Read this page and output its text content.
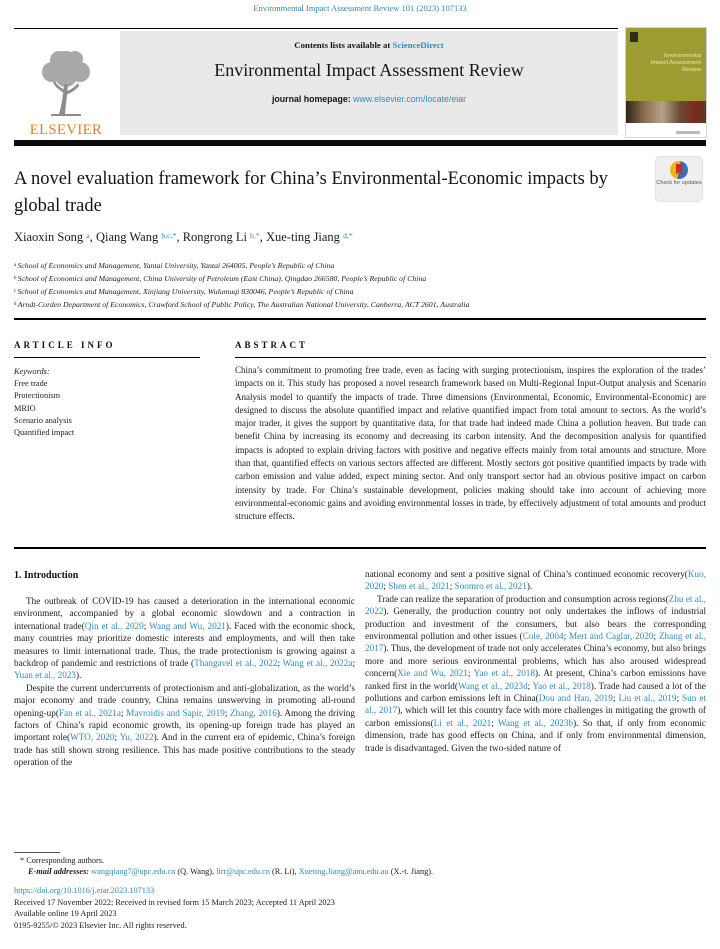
Environmental Impact Assessment Review 101 (2023) 107133
ELSEVIER
Contents lists available at ScienceDirect
Environmental Impact Assessment Review
journal homepage: www.elsevier.com/locate/eiar
Environmental Impact Assessment Review
A novel evaluation framework for China’s Environmental-Economic impacts by global trade
Check for updates
Xiaoxin Song $^a$, Qiang Wang $^{b,c,*}$, Rongrong Li $^{b,*}$, Xue-ting Jiang $^{d,*}$
$^a$ School of Economics and Management, Yantai University, Yantai 264005, People’s Republic of China
$^b$ School of Economics and Management, China University of Petroleum (East China), Qingdao 266580, People’s Republic of China
$^c$ School of Economics and Management, Xinjiang University, Wulumuqi 830046, People’s Republic of China
$^d$ Arndt-Corden Department of Economics, Crawford School of Public Policy, The Australian National University, Canberra, ACT 2601, Australia
ARTICLE INFO	ABSTRACT
Keywords:
Free trade
Protectionism
MRIO
Scenario analysis
Quantified impact
China’s commitment to promoting free trade, even as facing with surging protectionism, inspires the exploration of the trades’ impacts on it. This study has proposed a novel research framework based on Multi-Regional Input-Output analysis and Scenario Analysis model to quantify the impacts of trade. Three dimensions (Environmental, Economic, Environmental-Economic) are designed to discuss the absolute quantified impact and relative quantified impact from total amount to sectors. As the world’s major trader, it gives the support by quantitative data, for that trade had indeed made China a pollution heaven. But trade can benefit China by increasing its economy and decreasing its carbon intensity. And the decomposition analysis for quantified impacts is adopted to explain driving factors with positive and negative effects mainly from total amounts and structure. More than that, quantified effects on various sectors affected are different. Mostly sectors got positive quantified impacts by trade with carbon emission and value added, expect mining sector. And only transport sector had an obvious positive impact on carbon intensity by trade. For China’s sustainable development, policies making should take into account of achieving more environmental-economic gains and avoiding environmental losses in trade, by effectively adjustment of total amounts and product structure effects.
1. Introduction

The outbreak of COVID-19 has caused a deterioration in the international economic environment, accompanied by a global economic slowdown and a contraction in international trade(Qin et al., 2020; Wang and Wu, 2021). Faced with the economic shock, many countries may prioritize domestic interests and employments, and will then take measures to limit international trade. Thus, the trade protectionism is growing against a backdrop of pandemic and restrictions of trade (Thangavel et al., 2022; Wang et al., 2022a; Yuan et al., 2023).

Despite the current undercurrents of protectionism and anti-globalization, as the world’s major economy and trade country, China remains unswerving in promoting all-round opening-up(Fan et al., 2021a; Mavroidis and Sapir, 2019; Zhang, 2016). Among the driving factors of China’s rapid economic growth, its opening-up foreign trade has played an important role(WTO, 2020; Yu, 2022). And in the current era of epidemic, China’s foreign trade has still shown strong resilience. This has made positive contributions to the steady operation of the

national economy and sent a positive signal of China’s continued economic recovery(Kuo, 2020; Shen et al., 2021; Soomro et al., 2021).

Trade can realize the separation of production and consumption across regions(Zhu et al., 2022). Generally, the production country not only undertakes the inflows of industrial production and investment of the consumers, but also bears the corresponding environmental pollution and other issues (Cole, 2004; Mert and Caglar, 2020; Zhang et al., 2017). Thus, the development of trade not only accelerates China’s economy, but also brings more and more serious environmental problems, which has also aroused widespread concern(Xie and Wu, 2021; Yao et al., 2018). At present, China’s carbon emissions have ranked first in the world(Wang et al., 2023d; Yao et al., 2018). Trade had caused a lot of the pollutions and carbon emissions left in China(Dou and Han, 2019; Liu et al., 2019; Sun et al., 2017), which will let this country face with more challenges in mitigating the growth of carbon emissions(Li et al., 2021; Wang et al., 2023b). So that, if only from economic dimension, trade has good effects on China, and if only from environmental dimension, trade is disadvantaged. Given the two-sided nature of

* Corresponding authors.
E-mail addresses: wangqiang7@upc.edu.cn (Q. Wang), lirr@upc.edu.cn (R. Li), Xueting.Jiang@anu.edu.au (X.-t. Jiang).
https://doi.org/10.1016/j.eiar.2023.107133
Received 17 November 2022; Received in revised form 15 March 2023; Accepted 11 April 2023
Available online 19 April 2023
0195-9255/© 2023 Elsevier Inc. All rights reserved.
